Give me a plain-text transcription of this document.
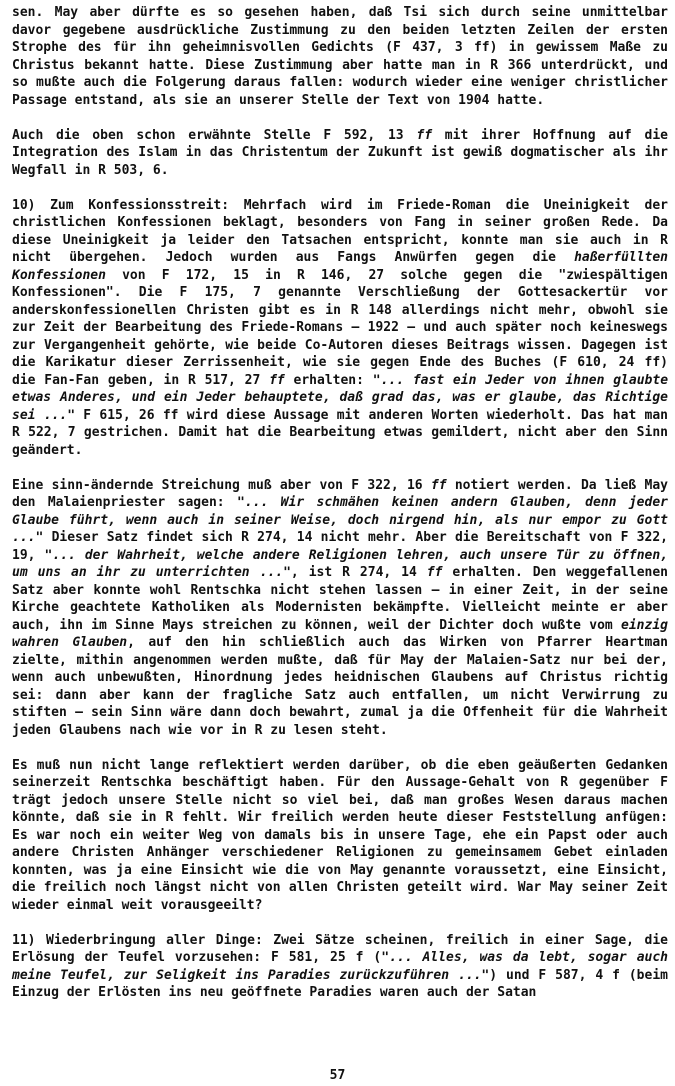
sen. May aber dürfte es so gesehen haben, daß Tsi sich durch seine unmittelbar davor gegebene ausdrückliche Zustimmung zu den beiden letzten Zeilen der ersten Strophe des für ihn geheimnisvollen Gedichts (F 437, 3 ff) in gewissem Maße zu Christus bekannt hatte. Diese Zustimmung aber hatte man in R 366 unterdrückt, und so mußte auch die Folgerung daraus fallen: wodurch wieder eine weniger christlicher Passage entstand, als sie an unserer Stelle der Text von 1904 hatte.

Auch die oben schon erwähnte Stelle F 592, 13 ff mit ihrer Hoffnung auf die Integration des Islam in das Christentum der Zukunft ist gewiß dogmatischer als ihr Wegfall in R 503, 6.

10) Zum Konfessionsstreit: Mehrfach wird im Friede-Roman die Uneinigkeit der christlichen Konfessionen beklagt, besonders von Fang in seiner großen Rede. Da diese Uneinigkeit ja leider den Tatsachen entspricht, konnte man sie auch in R nicht übergehen. Jedoch wurden aus Fangs Anwürfen gegen die haßerfüllten Konfessionen von F 172, 15 in R 146, 27 solche gegen die "zwiespältigen Konfessionen". Die F 175, 7 genannte Verschließung der Gottesackertür vor anderskonfessionellen Christen gibt es in R 148 allerdings nicht mehr, obwohl sie zur Zeit der Bearbeitung des Friede-Romans – 1922 – und auch später noch keineswegs zur Vergangenheit gehörte, wie beide Co-Autoren dieses Beitrags wissen. Dagegen ist die Karikatur dieser Zerrissenheit, wie sie gegen Ende des Buches (F 610, 24 ff) die Fan-Fan geben, in R 517, 27 ff erhalten: "... fast ein Jeder von ihnen glaubte etwas Anderes, und ein Jeder behauptete, daß grad das, was er glaube, das Richtige sei ..." F 615, 26 ff wird diese Aussage mit anderen Worten wiederholt. Das hat man R 522, 7 gestrichen. Damit hat die Bearbeitung etwas gemildert, nicht aber den Sinn geändert.

Eine sinn-ändernde Streichung muß aber von F 322, 16 ff notiert werden. Da ließ May den Malaienpriester sagen: "... Wir schmähen keinen andern Glauben, denn jeder Glaube führt, wenn auch in seiner Weise, doch nirgend hin, als nur empor zu Gott ..." Dieser Satz findet sich R 274, 14 nicht mehr. Aber die Bereitschaft von F 322, 19, "... der Wahrheit, welche andere Religionen lehren, auch unsere Tür zu öffnen, um uns an ihr zu unterrichten ...", ist R 274, 14 ff erhalten. Den weggefallenen Satz aber konnte wohl Rentschka nicht stehen lassen – in einer Zeit, in der seine Kirche geachtete Katholiken als Modernisten bekämpfte. Vielleicht meinte er aber auch, ihn im Sinne Mays streichen zu können, weil der Dichter doch wußte vom einzig wahren Glauben, auf den hin schließlich auch das Wirken von Pfarrer Heartman zielte, mithin angenommen werden mußte, daß für May der Malaien-Satz nur bei der, wenn auch unbewußten, Hinordnung jedes heidnischen Glaubens auf Christus richtig sei: dann aber kann der fragliche Satz auch entfallen, um nicht Verwirrung zu stiften – sein Sinn wäre dann doch bewahrt, zumal ja die Offenheit für die Wahrheit jeden Glaubens nach wie vor in R zu lesen steht.

Es muß nun nicht lange reflektiert werden darüber, ob die eben geäußerten Gedanken seinerzeit Rentschka beschäftigt haben. Für den Aussage-Gehalt von R gegenüber F trägt jedoch unsere Stelle nicht so viel bei, daß man großes Wesen daraus machen könnte, daß sie in R fehlt. Wir freilich werden heute dieser Feststellung anfügen: Es war noch ein weiter Weg von damals bis in unsere Tage, ehe ein Papst oder auch andere Christen Anhänger verschiedener Religionen zu gemeinsamem Gebet einladen konnten, was ja eine Einsicht wie die von May genannte voraussetzt, eine Einsicht, die freilich noch längst nicht von allen Christen geteilt wird. War May seiner Zeit wieder einmal weit vorausgeeilt?

11) Wiederbringung aller Dinge: Zwei Sätze scheinen, freilich in einer Sage, die Erlösung der Teufel vorzusehen: F 581, 25 f ("... Alles, was da lebt, sogar auch meine Teufel, zur Seligkeit ins Paradies zurückzuführen ...") und F 587, 4 f (beim Einzug der Erlösten ins neu geöffnete Paradies waren auch der Satan

57
